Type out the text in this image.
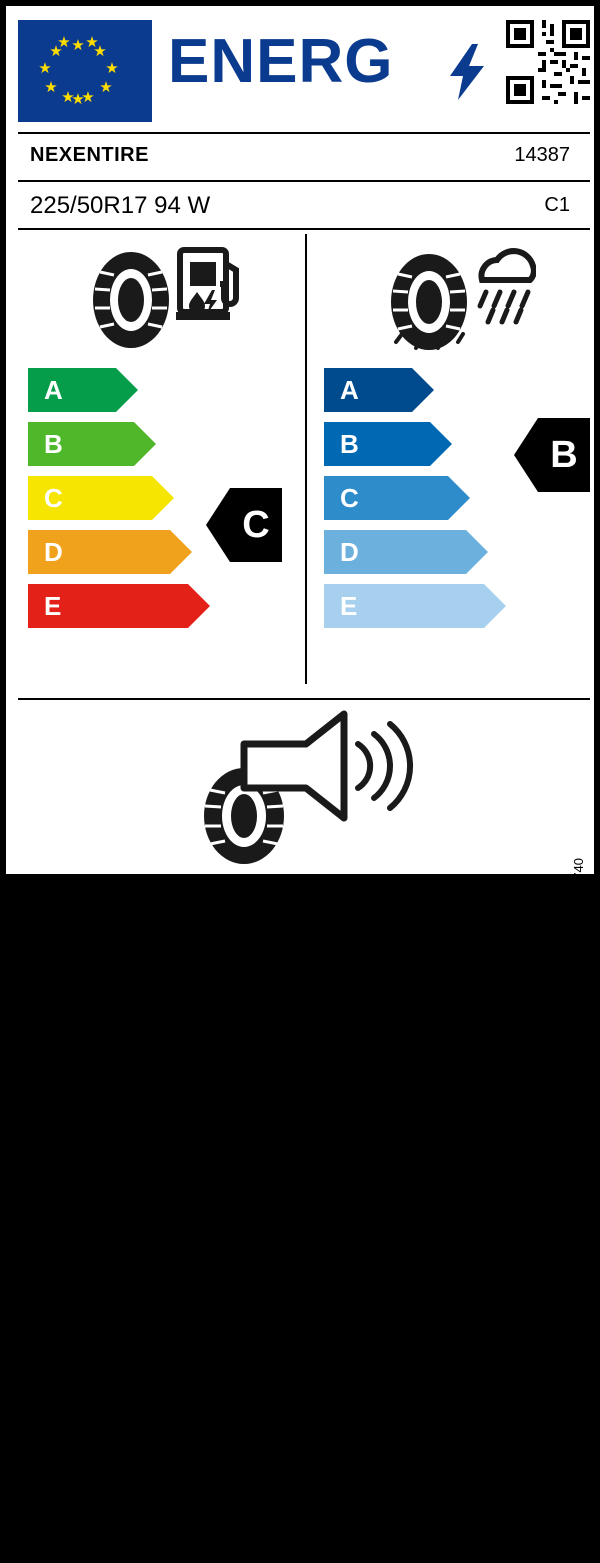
★ ★
★
★
★
★
★
★
★
★ ★
★
ENERG
NEXENTIRE	14387
225/50R17 94 W	C1
A
B
C
D
E
C
A
B
C
D
E
B
70 dB
ABC
2020/740
